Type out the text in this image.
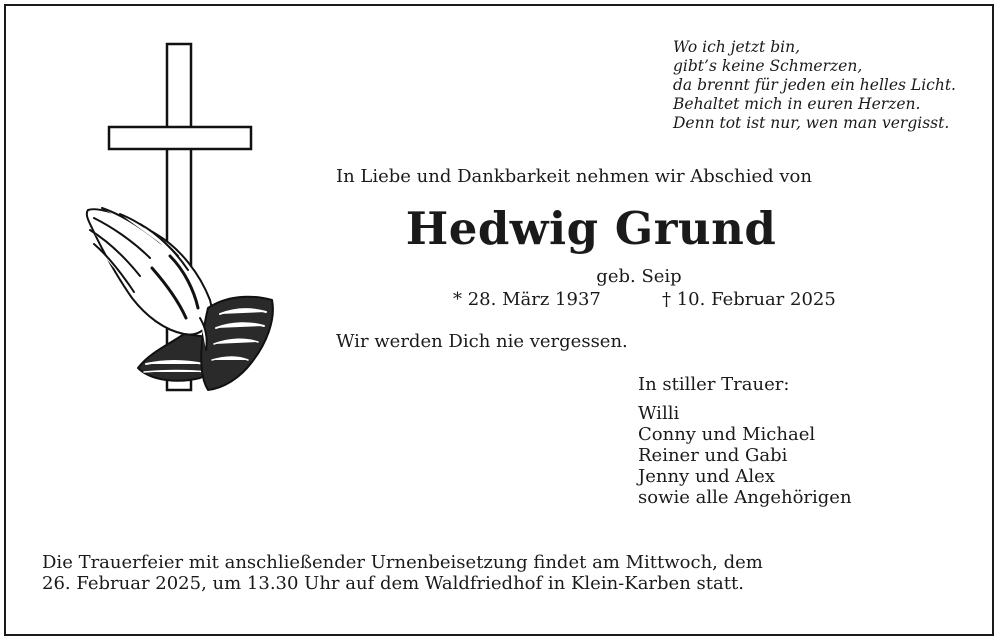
Wo ich jetzt bin,
gibt’s keine Schmerzen,
da brennt für jeden ein helles Licht.
Behaltet mich in euren Herzen.
Denn tot ist nur, wen man vergisst.
In Liebe und Dankbarkeit nehmen wir Abschied von
Hedwig Grund
geb. Seip
* 28. März 1937	† 10. Februar 2025
Wir werden Dich nie vergessen.
In stiller Trauer:
Willi
Conny und Michael
Reiner und Gabi
Jenny und Alex
sowie alle Angehörigen
Die Trauerfeier mit anschließender Urnenbeisetzung findet am Mittwoch, dem
26. Februar 2025, um 13.30 Uhr auf dem Waldfriedhof in Klein-Karben statt.
